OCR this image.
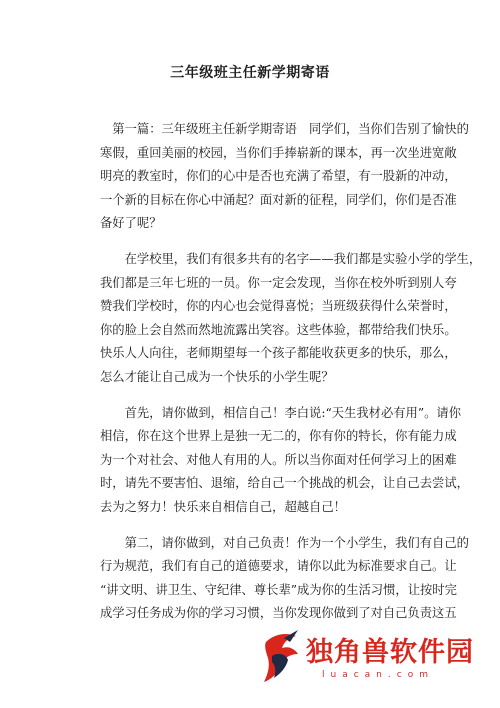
三年级班主任新学期寄语
　第一篇：三年级班主任新学期寄语　同学们，当你们告别了愉快的
寒假，重回美丽的校园，当你们手捧崭新的课本，再一次坐进宽敞
明亮的教室时，你们的心中是否也充满了希望，有一股新的冲动，
一个新的目标在你心中涌起？面对新的征程，同学们，你们是否准
备好了呢？
　　在学校里，我们有很多共有的名字——我们都是实验小学的学生，
我们都是三年七班的一员。你一定会发现，当你在校外听到别人夸
赞我们学校时，你的内心也会觉得喜悦；当班级获得什么荣誉时，
你的脸上会自然而然地流露出笑容。这些体验，都带给我们快乐。
快乐人人向往，老师期望每一个孩子都能收获更多的快乐，那么，
怎么才能让自己成为一个快乐的小学生呢？
　　首先，请你做到，相信自己！李白说:“天生我材必有用”。请你
相信，你在这个世界上是独一无二的，你有你的特长，你有能力成
为一个对社会、对他人有用的人。所以当你面对任何学习上的困难
时，请先不要害怕、退缩，给自己一个挑战的机会，让自己去尝试，
去为之努力！快乐来自相信自己，超越自己！
　　第二，请你做到，对自己负责！作为一个小学生，我们有自己的
行为规范，我们有自己的道德要求，请你以此为标准要求自己。让
“讲文明、讲卫生、守纪律、尊长辈”成为你的生活习惯，让按时完
成学习任务成为你的学习习惯，当你发现你做到了对自己负责这五
独角兽软件园
luacan.com
